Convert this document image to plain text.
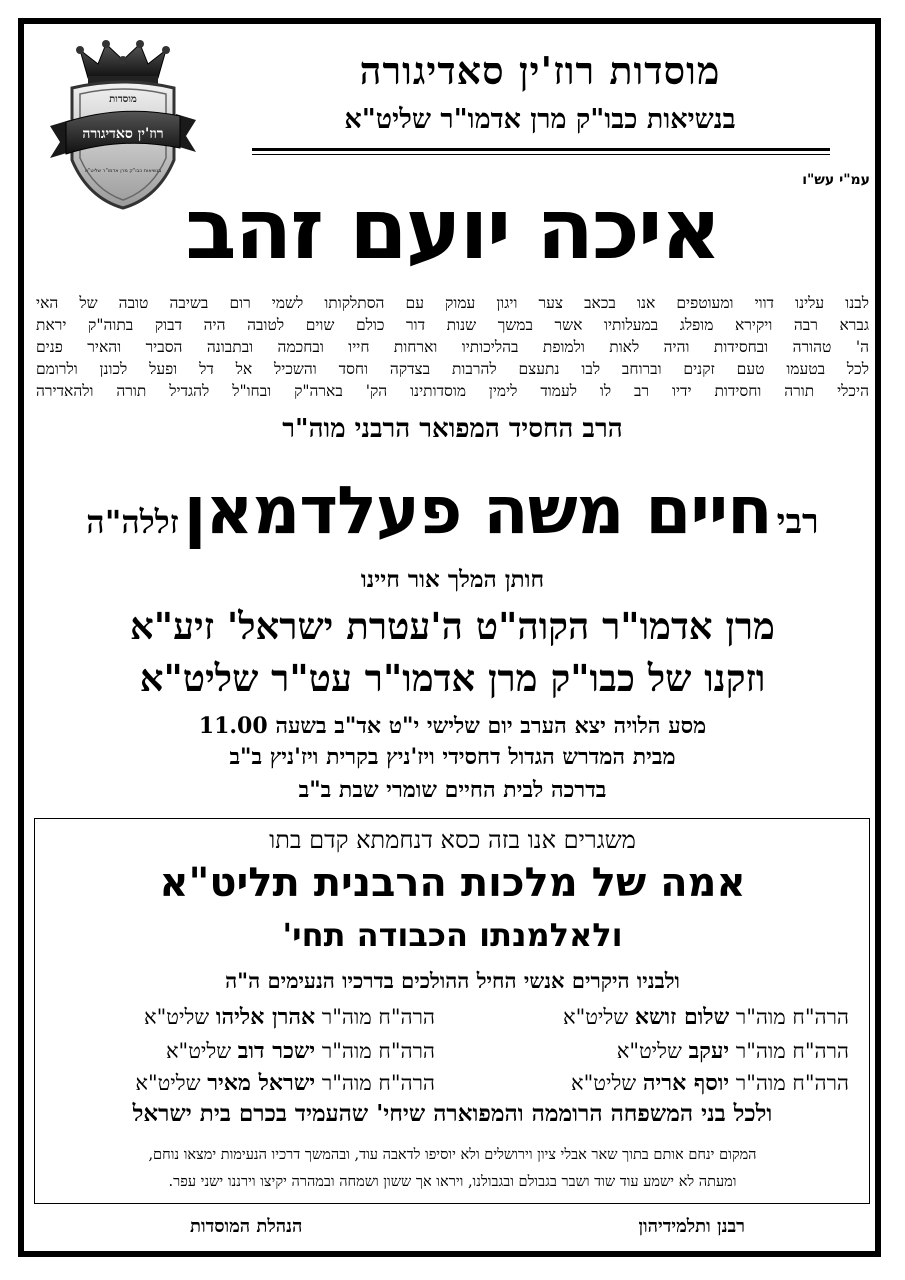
מוסדות
רוז'ין סאדיגורה
בנשיאות כבו"ק מרן אדמו"ר שליט"א
מוסדות רוז'ין סאדיגורה
בנשיאות כבו"ק מרן אדמו"ר שליט"א
עמ"י עש"ו
איכה יועם זהב
לבנו עלינו דווי ומעוטפים אנו בכאב צער ויגון עמוק עם הסתלקותו לשמי רום בשיבה טובה של האי
גברא רבה ויקירא מופלג במעלותיו אשר במשך שנות דור כולם שוים לטובה היה דבוק בתוה"ק יראת
ה' טהורה ובחסידות והיה לאות ולמופת בהליכותיו וארחות חייו ובחכמה ובתבונה הסביר והאיר פנים
לכל בטעמו טעם זקנים וברוחב לבו נתעצם להרבות בצדקה וחסד והשכיל אל דל ופעל לכונן ולרומם
היכלי תורה וחסידות ידיו רב לו לעמוד לימין מוסדותינו הק' בארה"ק ובחו"ל להגדיל תורה ולהאדירה
הרב החסיד המפואר הרבני מוה"ר
רבי חיים משה פעלדמאן זללה"ה
חותן המלך אור חיינו
מרן אדמו"ר הקוה"ט ה'עטרת ישראל' זיע"א
וזקנו של כבו"ק מרן אדמו"ר עט"ר שליט"א
מסע הלויה יצא הערב יום שלישי י"ט אד"ב בשעה 11.00
מבית המדרש הגדול דחסידי ויז'ניץ בקרית ויז'ניץ ב"ב
בדרכה לבית החיים שומרי שבת ב"ב
משגרים אנו בזה כסא דנחמתא קדם בתו
אמה של מלכות הרבנית תליט"א
ולאלמנתו הכבודה תחי'
ולבניו היקרים אנשי החיל ההולכים בדרכיו הנעימים ה"ה
הרה"ח מוה"ר שלום זושא שליט"א
הרה"ח מוה"ר אהרן אליהו שליט"א
הרה"ח מוה"ר יעקב שליט"א
הרה"ח מוה"ר ישכר דוב שליט"א
הרה"ח מוה"ר יוסף אריה שליט"א
הרה"ח מוה"ר ישראל מאיר שליט"א
ולכל בני המשפחה הרוממה והמפוארה שיחי' שהעמיד בכרם בית ישראל
המקום ינחם אותם בתוך שאר אבלי ציון וירושלים ולא יוסיפו לדאבה עוד, ובהמשך דרכיו הנעימות ימצאו נוחם,
ומעתה לא ישמע עוד שוד ושבר בגבולם ובגבולנו, ויראו אך ששון ושמחה ובמהרה יקיצו וירננו ישני עפר.
רבנן ותלמידיהון
הנהלת המוסדות
